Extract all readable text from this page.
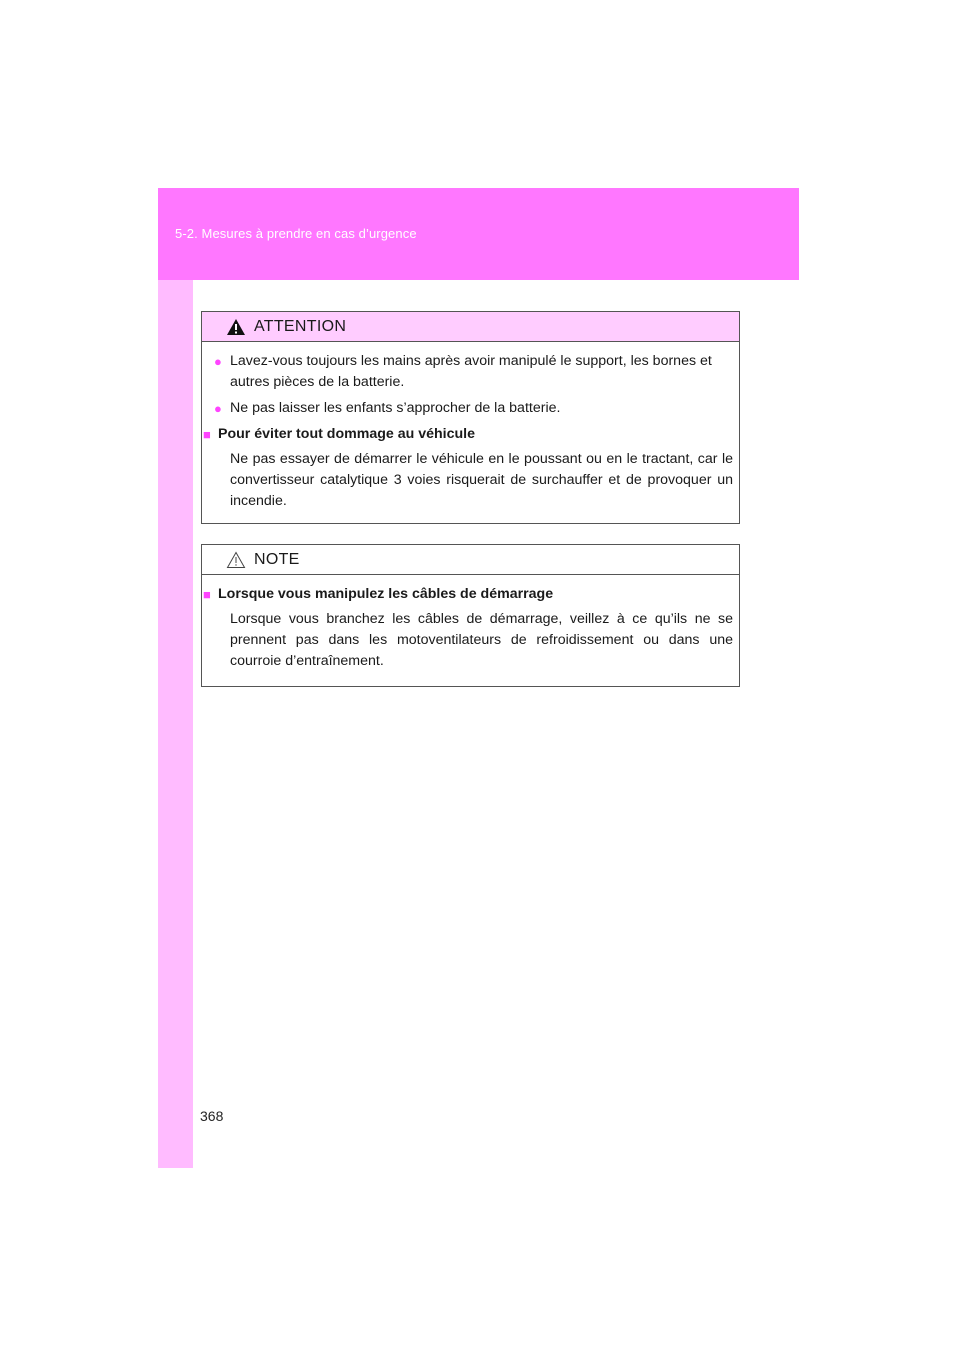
5-2. Mesures à prendre en cas d’urgence
ATTENTION
● Lavez-vous toujours les mains après avoir manipulé le support, les bornes et autres pièces de la batterie.
● Ne pas laisser les enfants s’approcher de la batterie.
■ Pour éviter tout dommage au véhicule
Ne pas essayer de démarrer le véhicule en le poussant ou en le tractant, car le convertisseur catalytique 3 voies risquerait de surchauffer et de provoquer un incendie.
NOTE
■ Lorsque vous manipulez les câbles de démarrage
Lorsque vous branchez les câbles de démarrage, veillez à ce qu’ils ne se prennent pas dans les motoventilateurs de refroidissement ou dans une courroie d’entraînement.
368
